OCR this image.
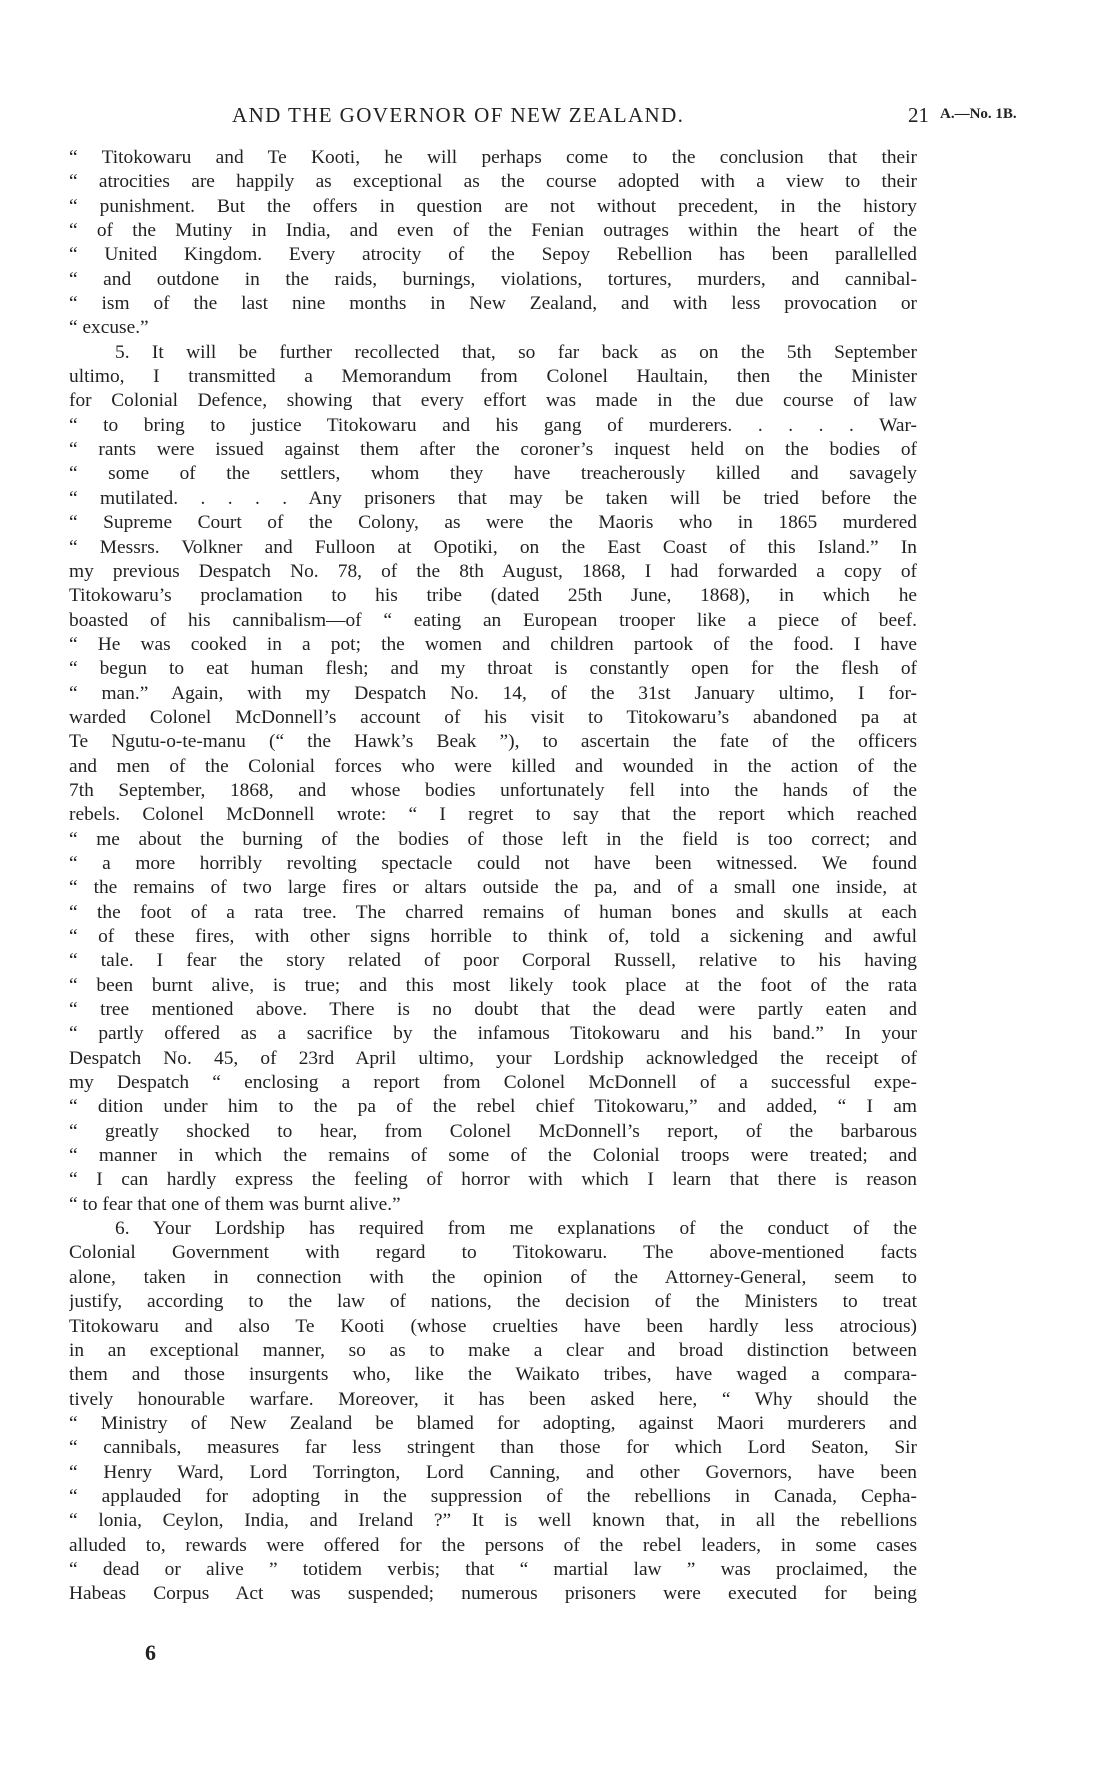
AND THE GOVERNOR OF NEW ZEALAND.	21 A.—No. 1B.
“ Titokowaru and Te Kooti, he will perhaps come to the conclusion that their
“ atrocities are happily as exceptional as the course adopted with a view to their
“ punishment. But the offers in question are not without precedent, in the history
“ of the Mutiny in India, and even of the Fenian outrages within the heart of the
“ United Kingdom. Every atrocity of the Sepoy Rebellion has been parallelled
“ and outdone in the raids, burnings, violations, tortures, murders, and cannibal-
“ ism of the last nine months in New Zealand, and with less provocation or
“ excuse.”
5. It will be further recollected that, so far back as on the 5th September
ultimo, I transmitted a Memorandum from Colonel Haultain, then the Minister
for Colonial Defence, showing that every effort was made in the due course of law
“ to bring to justice Titokowaru and his gang of murderers. . . . . War-
“ rants were issued against them after the coroner’s inquest held on the bodies of
“ some of the settlers, whom they have treacherously killed and savagely
“ mutilated. . . . . Any prisoners that may be taken will be tried before the
“ Supreme Court of the Colony, as were the Maoris who in 1865 murdered
“ Messrs. Volkner and Fulloon at Opotiki, on the East Coast of this Island.” In
my previous Despatch No. 78, of the 8th August, 1868, I had forwarded a copy of
Titokowaru’s proclamation to his tribe (dated 25th June, 1868), in which he
boasted of his cannibalism—of “ eating an European trooper like a piece of beef.
“ He was cooked in a pot; the women and children partook of the food. I have
“ begun to eat human flesh; and my throat is constantly open for the flesh of
“ man.” Again, with my Despatch No. 14, of the 31st January ultimo, I for-
warded Colonel McDonnell’s account of his visit to Titokowaru’s abandoned pa at
Te Ngutu-o-te-manu (“ the Hawk’s Beak ”), to ascertain the fate of the officers
and men of the Colonial forces who were killed and wounded in the action of the
7th September, 1868, and whose bodies unfortunately fell into the hands of the
rebels. Colonel McDonnell wrote: “ I regret to say that the report which reached
“ me about the burning of the bodies of those left in the field is too correct; and
“ a more horribly revolting spectacle could not have been witnessed. We found
“ the remains of two large fires or altars outside the pa, and of a small one inside, at
“ the foot of a rata tree. The charred remains of human bones and skulls at each
“ of these fires, with other signs horrible to think of, told a sickening and awful
“ tale. I fear the story related of poor Corporal Russell, relative to his having
“ been burnt alive, is true; and this most likely took place at the foot of the rata
“ tree mentioned above. There is no doubt that the dead were partly eaten and
“ partly offered as a sacrifice by the infamous Titokowaru and his band.” In your
Despatch No. 45, of 23rd April ultimo, your Lordship acknowledged the receipt of
my Despatch “ enclosing a report from Colonel McDonnell of a successful expe-
“ dition under him to the pa of the rebel chief Titokowaru,” and added, “ I am
“ greatly shocked to hear, from Colonel McDonnell’s report, of the barbarous
“ manner in which the remains of some of the Colonial troops were treated; and
“ I can hardly express the feeling of horror with which I learn that there is reason
“ to fear that one of them was burnt alive.”
6. Your Lordship has required from me explanations of the conduct of the
Colonial Government with regard to Titokowaru. The above-mentioned facts
alone, taken in connection with the opinion of the Attorney-General, seem to
justify, according to the law of nations, the decision of the Ministers to treat
Titokowaru and also Te Kooti (whose cruelties have been hardly less atrocious)
in an exceptional manner, so as to make a clear and broad distinction between
them and those insurgents who, like the Waikato tribes, have waged a compara-
tively honourable warfare. Moreover, it has been asked here, “ Why should the
“ Ministry of New Zealand be blamed for adopting, against Maori murderers and
“ cannibals, measures far less stringent than those for which Lord Seaton, Sir
“ Henry Ward, Lord Torrington, Lord Canning, and other Governors, have been
“ applauded for adopting in the suppression of the rebellions in Canada, Cepha-
“ lonia, Ceylon, India, and Ireland ?” It is well known that, in all the rebellions
alluded to, rewards were offered for the persons of the rebel leaders, in some cases
“ dead or alive ” totidem verbis; that “ martial law ” was proclaimed, the
Habeas Corpus Act was suspended; numerous prisoners were executed for being
6
